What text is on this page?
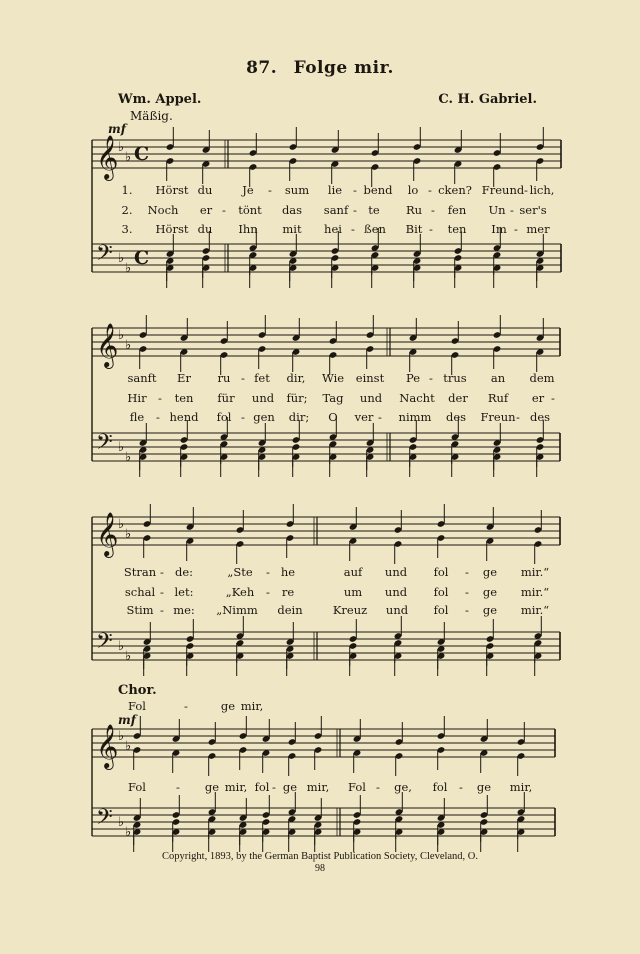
87. Folge mir.
Wm. Appel.	C. H. Gabriel.
Mäßig.
mf
Chor.
mf
𝄞 ♭
♭
𝄢 ♭
♭
C
C
𝄞 ♭
♭
𝄢 ♭
♭
𝄞 ♭
♭
𝄢 ♭
♭
𝄞 ♭
♭
𝄢 ♭
♭
1. Hörst du	Je - sum lie - bend lo - cken? Freund - lich,
2. Noch er - tönt das sanf - te Ru - fen Un - ser's
3. Hörst du Ihn mit hei - ßen Bit - ten Im - mer
sanft Er ru - fet dir, Wie einst Pe - trus an dem
Hir - ten für und für; Tag und Nacht der Ruf er -
fle - hend fol - gen dir; O ver - nimm des Freun - des
Stran - de:	„Ste - he	auf und fol - ge mir.“
schal - let:	„Keh - re	um und fol - ge mir.“
Stim - me: „Nimm dein	Kreuz und fol - ge mir.“
Fol	-	ge mir,
Fol	- ge mir, fol - ge mir, Fol - ge, fol - ge mir,
Copyright, 1893, by the German Baptist Publication Society, Cleveland, O.
98
